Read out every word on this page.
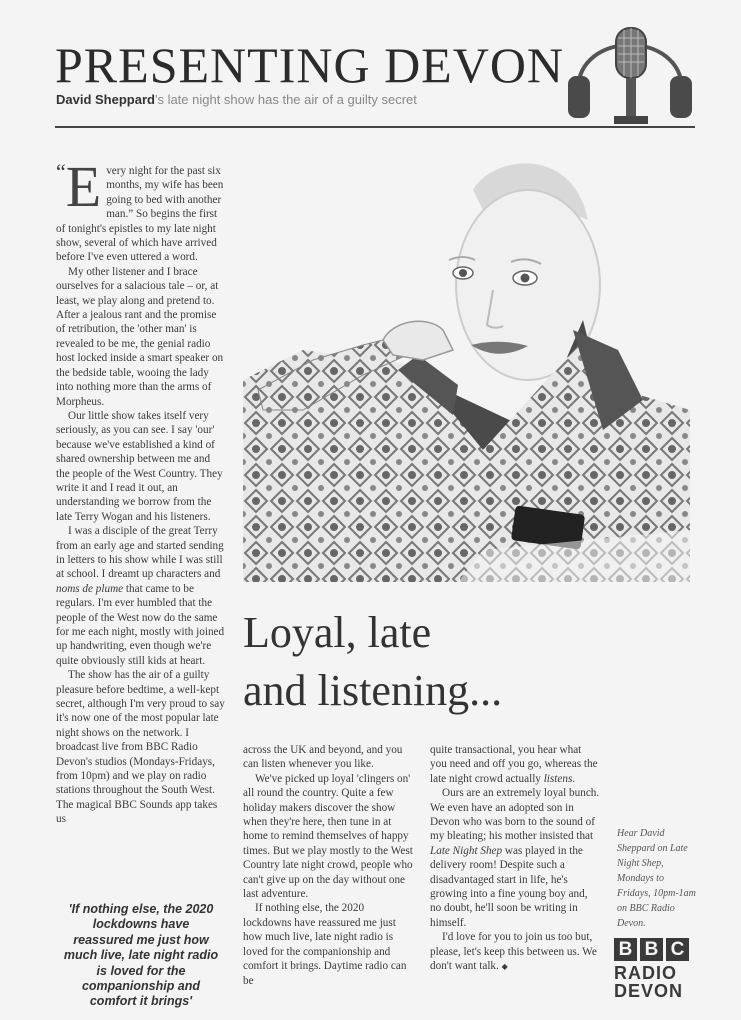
PRESENTING DEVON
David Sheppard's late night show has the air of a guilty secret

“E very night for the past six months, my wife has been going to bed with another man.” So begins the first of tonight's epistles to my late night show, several of which have arrived before I've even uttered a word.

My other listener and I brace ourselves for a salacious tale – or, at least, we play along and pretend to. After a jealous rant and the promise of retribution, the 'other man' is revealed to be me, the genial radio host locked inside a smart speaker on the bedside table, wooing the lady into nothing more than the arms of Morpheus.

Our little show takes itself very seriously, as you can see. I say 'our' because we've established a kind of shared ownership between me and the people of the West Country. They write it and I read it out, an understanding we borrow from the late Terry Wogan and his listeners.

I was a disciple of the great Terry from an early age and started sending in letters to his show while I was still at school. I dreamt up characters and noms de plume that came to be regulars. I'm ever humbled that the people of the West now do the same for me each night, mostly with joined up handwriting, even though we're quite obviously still kids at heart.

The show has the air of a guilty pleasure before bedtime, a well-kept secret, although I'm very proud to say it's now one of the most popular late night shows on the network. I broadcast live from BBC Radio Devon's studios (Mondays-Fridays, from 10pm) and we play on radio stations throughout the South West. The magical BBC Sounds app takes us

'If nothing else, the 2020 lockdowns have reassured me just how much live, late night radio is loved for the companionship and comfort it brings'
Loyal, late
and listening...

across the UK and beyond, and you can listen whenever you like.

We've picked up loyal 'clingers on' all round the country. Quite a few holiday makers discover the show when they're here, then tune in at home to remind themselves of happy times. But we play mostly to the West Country late night crowd, people who can't give up on the day without one last adventure.

If nothing else, the 2020 lockdowns have reassured me just how much live, late night radio is loved for the companionship and comfort it brings. Daytime radio can be

quite transactional, you hear what you need and off you go, whereas the late night crowd actually listens.

Ours are an extremely loyal bunch. We even have an adopted son in Devon who was born to the sound of my bleating; his mother insisted that Late Night Shep was played in the delivery room! Despite such a disadvantaged start in life, he's growing into a fine young boy and, no doubt, he'll soon be writing in himself.

I'd love for you to join us too but, please, let's keep this between us. We don't want talk. ◆

Hear David Sheppard on Late Night Shep, Mondays to Fridays, 10pm-1am on BBC Radio Devon.
B B C
RADIO
DEVON
